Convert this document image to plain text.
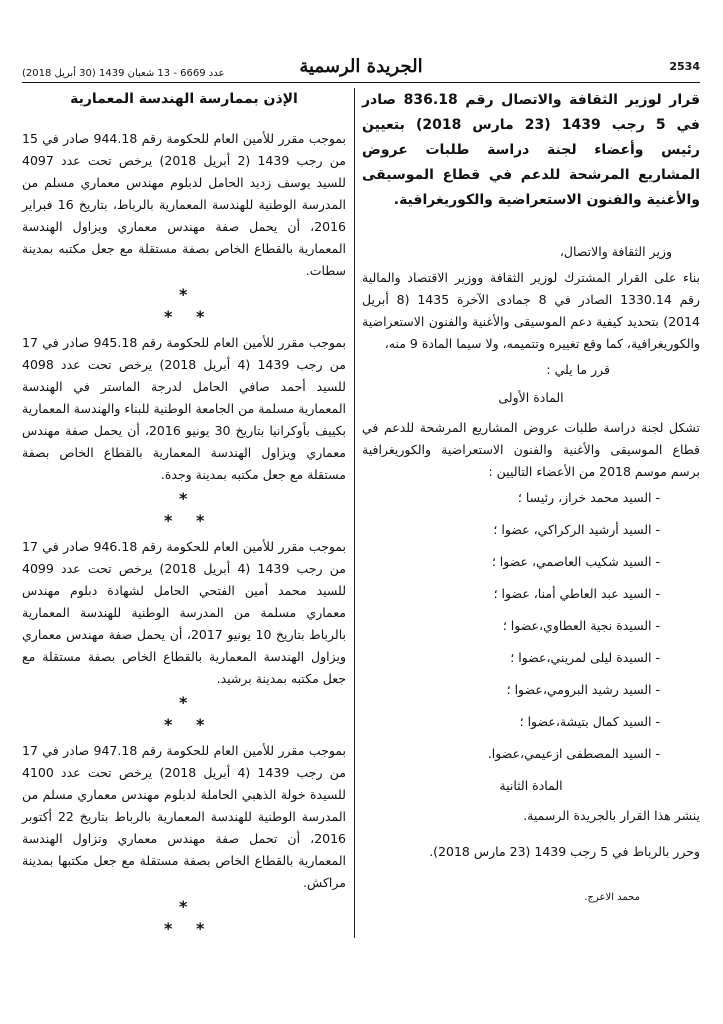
2534
الجريدة الرسمية
عدد 6669 - 13 شعبان 1439 (30 أبريل 2018)

قرار لوزير الثقافة والاتصال رقم 836.18 صادر في 5 رجب 1439 (23 مارس 2018) بتعيين رئيس وأعضاء لجنة دراسة طلبات عروض المشاريع المرشحة للدعم في قطاع الموسيقى والأغنية والفنون الاستعراضية والكوريغرافية.

وزير الثقافة والاتصال،

بناء على القرار المشترك لوزير الثقافة ووزير الاقتصاد والمالية رقم 1330.14 الصادر في 8 جمادى الآخرة 1435 (8 أبريل 2014) بتحديد كيفية دعم الموسيقى والأغنية والفنون الاستعراضية والكوريغرافية، كما وقع تغييره وتتميمه، ولا سيما المادة 9 منه،

قرر ما يلي :

المادة الأولى

تشكل لجنة دراسة طلبات عروض المشاريع المرشحة للدعم في قطاع الموسيقى والأغنية والفنون الاستعراضية والكوريغرافية برسم موسم 2018 من الأعضاء التاليين :

- السيد محمد خراز، رئيسا ؛
- السيد أرشيد الركراكي، عضوا ؛
- السيد شكيب العاصمي، عضوا ؛
- السيد عبد العاطي أمنا، عضوا ؛
- السيدة نجية العطاوي،عضوا ؛
- السيدة ليلى لمريني،عضوا ؛
- السيد رشيد البرومي،عضوا ؛
- السيد كمال بتيشة،عضوا ؛
- السيد المصطفى ازعيمي،عضوا.

المادة الثانية

ينشر هذا القرار بالجريدة الرسمية.

وحرر بالرباط في 5 رجب 1439 (23 مارس 2018).

محمد الاعرج.

الإذن بممارسة الهندسة المعمارية

بموجب مقرر للأمين العام للحكومة رقم 944.18 صادر في 15 من رجب 1439 (2 أبريل 2018) يرخص تحت عدد 4097 للسيد يوسف زديد الحامل لدبلوم مهندس معماري مسلم من المدرسة الوطنية للهندسة المعمارية بالرباط، بتاريخ 16 فبراير 2016، أن يحمل صفة مهندس معماري ويزاول الهندسة المعمارية بالقطاع الخاص بصفة مستقلة مع جعل مكتبه بمدينة سطات.

*
* *

بموجب مقرر للأمين العام للحكومة رقم 945.18 صادر في 17 من رجب 1439 (4 أبريل 2018) يرخص تحت عدد 4098 للسيد أحمد صافي الحامل لدرجة الماستر في الهندسة المعمارية مسلمة من الجامعة الوطنية للبناء والهندسة المعمارية بكييف بأوكرانيا بتاريخ 30 يونيو 2016، أن يحمل صفة مهندس معماري ويزاول الهندسة المعمارية بالقطاع الخاص بصفة مستقلة مع جعل مكتبه بمدينة وجدة.

*
* *

بموجب مقرر للأمين العام للحكومة رقم 946.18 صادر في 17 من رجب 1439 (4 أبريل 2018) يرخص تحت عدد 4099 للسيد محمد أمين الفتحي الحامل لشهادة دبلوم مهندس معماري مسلمة من المدرسة الوطنية للهندسة المعمارية بالرباط بتاريخ 10 يونيو 2017، أن يحمل صفة مهندس معماري ويزاول الهندسة المعمارية بالقطاع الخاص بصفة مستقلة مع جعل مكتبه بمدينة برشيد.

*
* *

بموجب مقرر للأمين العام للحكومة رقم 947.18 صادر في 17 من رجب 1439 (4 أبريل 2018) يرخص تحت عدد 4100 للسيدة خولة الذهبي الحاملة لدبلوم مهندس معماري مسلم من المدرسة الوطنية للهندسة المعمارية بالرباط بتاريخ 22 أكتوبر 2016، أن تحمل صفة مهندس معماري وتزاول الهندسة المعمارية بالقطاع الخاص بصفة مستقلة مع جعل مكتبها بمدينة مراكش.

*
* *
